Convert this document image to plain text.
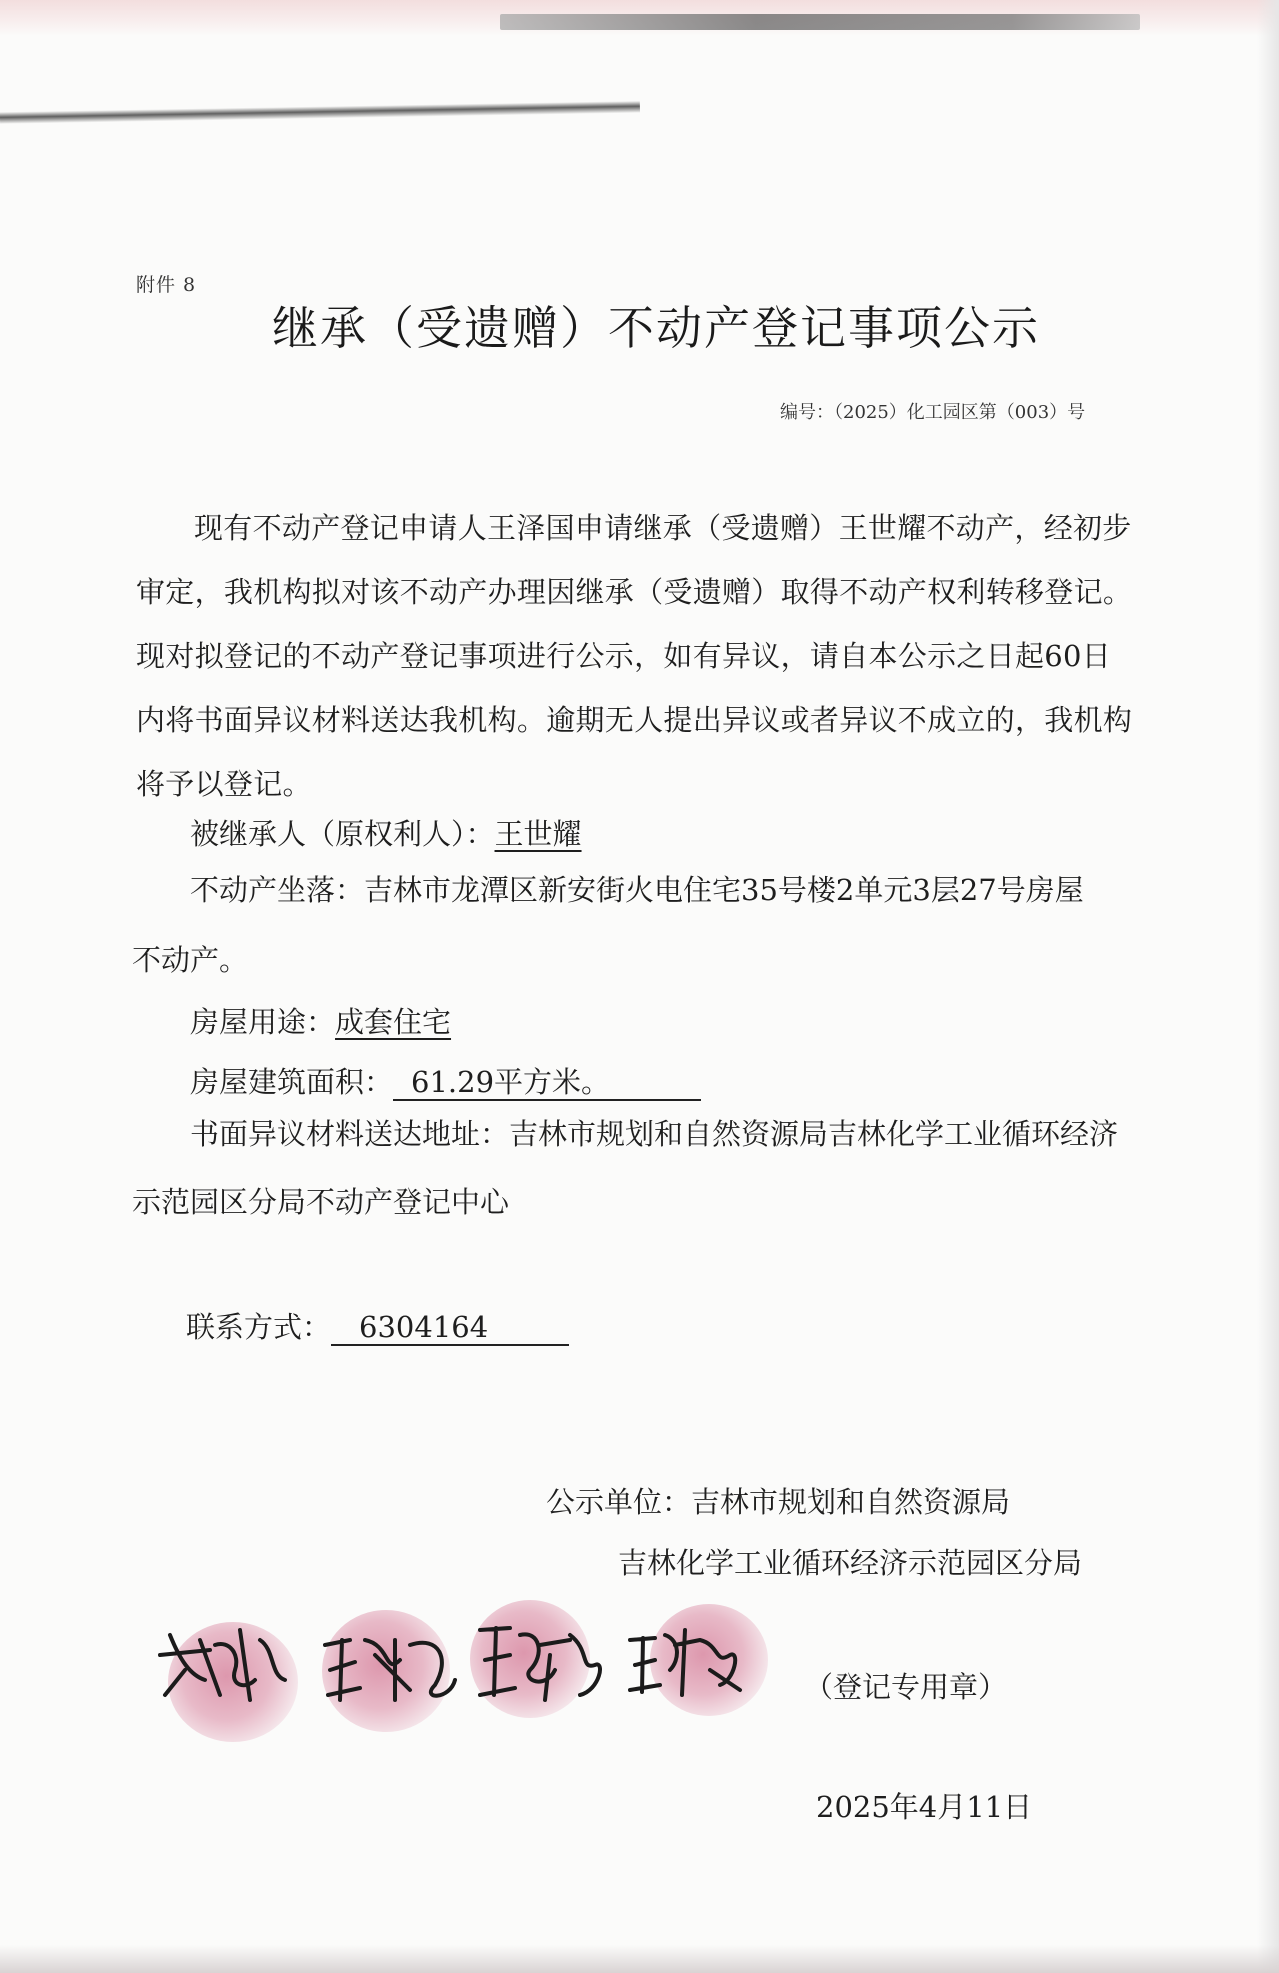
附件 8
继承（受遗赠）不动产登记事项公示
编号：（2025）化工园区第（003）号
现有不动产登记申请人王泽国申请继承（受遗赠）王世耀不动产，经初步审定，我机构拟对该不动产办理因继承（受遗赠）取得不动产权利转移登记。现对拟登记的不动产登记事项进行公示，如有异议，请自本公示之日起60日内将书面异议材料送达我机构。逾期无人提出异议或者异议不成立的，我机构将予以登记。
被继承人（原权利人）：王世耀
不动产坐落：吉林市龙潭区新安街火电住宅35号楼2单元3层27号房屋
不动产。
房屋用途：成套住宅
房屋建筑面积： 61.29平方米。
书面异议材料送达地址：吉林市规划和自然资源局吉林化学工业循环经济
示范园区分局不动产登记中心
联系方式： 6304164
公示单位：吉林市规划和自然资源局
吉林化学工业循环经济示范园区分局
王庆彬 王泽国 王艳芳 王艳芳
（登记专用章）
2025年4月11日
